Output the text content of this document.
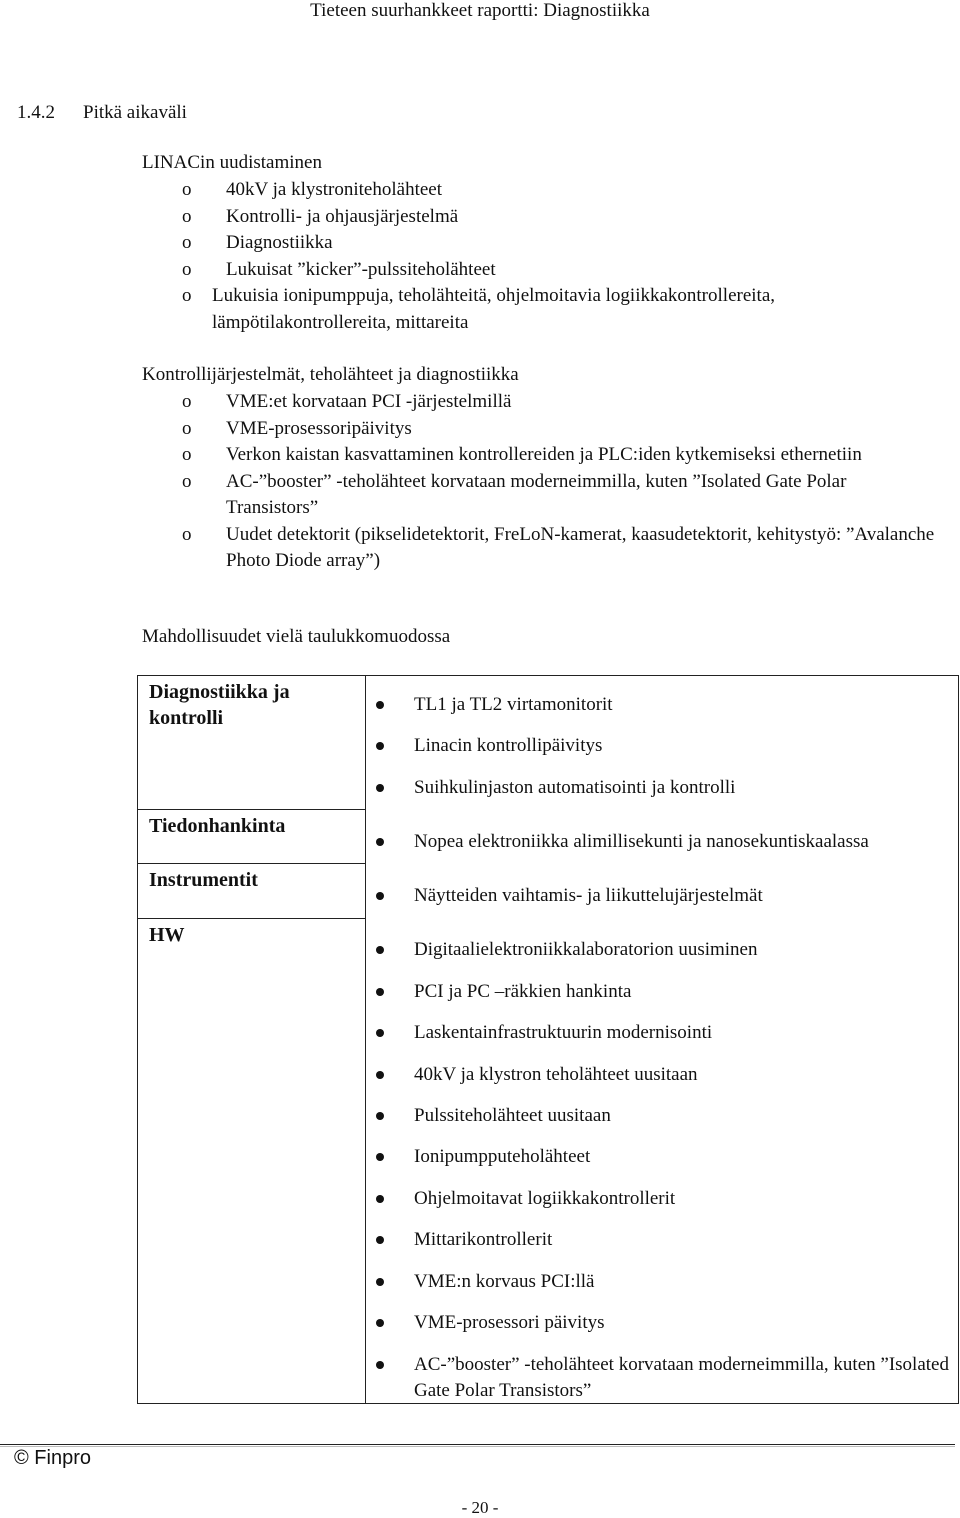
Tieteen suurhankkeet raportti: Diagnostiikka
1.4.2 Pitkä aikaväli
LINACin uudistaminen
o 40kV ja klystroniteholähteet
o Kontrolli- ja ohjausjärjestelmä
o Diagnostiikka
o Lukuisat ”kicker”-pulssiteholähteet
o Lukuisia ionipumppuja, teholähteitä, ohjelmoitavia logiikkakontrollereita, lämpötilakontrollereita, mittareita
Kontrollijärjestelmät, teholähteet ja diagnostiikka
o VME:et korvataan PCI -järjestelmillä
o VME-prosessoripäivitys
o Verkon kaistan kasvattaminen kontrollereiden ja PLC:iden kytkemiseksi ethernetiin
o AC-”booster” -teholähteet korvataan moderneimmilla, kuten ”Isolated Gate Polar Transistors”
o Uudet detektorit (pikselidetektorit, FreLoN-kamerat, kaasudetektorit, kehitystyö: ”Avalanche Photo Diode array”)
Mahdollisuudet vielä taulukkomuodossa
Diagnostiikka ja kontrolli
Tiedonhankinta
Instrumentit
HW
TL1 ja TL2 virtamonitorit
Linacin kontrollipäivitys
Suihkulinjaston automatisointi ja kontrolli
Nopea elektroniikka alimillisekunti ja nanosekuntiskaalassa
Näytteiden vaihtamis- ja liikuttelujärjestelmät
Digitaalielektroniikkalaboratorion uusiminen
PCI ja PC –räkkien hankinta
Laskentainfrastruktuurin modernisointi
40kV ja klystron teholähteet uusitaan
Pulssiteholähteet uusitaan
Ionipumpputeholähteet
Ohjelmoitavat logiikkakontrollerit
Mittarikontrollerit
VME:n korvaus PCI:llä
VME-prosessori päivitys
AC-”booster” -teholähteet korvataan moderneimmilla, kuten ”Isolated Gate Polar Transistors”
© Finpro
- 20 -
